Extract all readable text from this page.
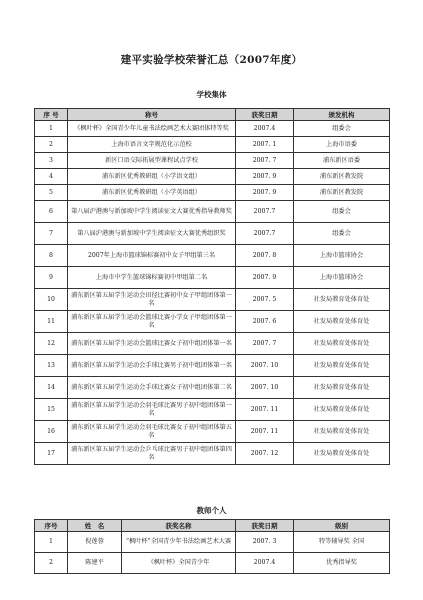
建平实验学校荣誉汇总（2007年度）
学校集体
序 号	称号	获奖日期	颁发机构
1	《枫叶杯》全国青少年儿童书法绘画艺术大赛团体特等奖	2007.4	组委会
2	上海市语言文字规范化示范校	2007. 1	上海市语委
3	新区口语交际拓展型课程试点学校	2007. 7	浦东新区语委
4	浦东新区优秀教研组（小学语文组）	2007. 9	浦东新区教发院
5	浦东新区优秀教研组（小学英语组）	2007. 9	浦东新区教发院
6	第八届沪港澳与新加坡中学生阅读征文大赛优秀指导教师奖	2007.7	组委会
7	第八届沪港澳与新加坡中学生阅读征文大赛优秀组织奖	2007.7	组委会
8	2007年上海市篮球锦标赛初中女子甲组第三名	2007. 8	上海市篮球协会
9	上海市中学生篮球锦标赛初中甲组第二名	2007. 9	上海市篮球协会
10	浦东新区第五届学生运动会田径比赛初中女子甲组团体第一名	2007. 5	社发局教育处体育处
11	浦东新区第五届学生运动会篮球比赛小学女子甲组团体第一名	2007. 6	社发局教育处体育处
12	浦东新区第五届学生运动会篮球比赛女子初中组团体第一名	2007. 7	社发局教育处体育处
13	浦东新区第五届学生运动会手球比赛男子初中组团体第一名	2007. 10	社发局教育处体育处
14	浦东新区第五届学生运动会手球比赛女子初中组团体第二名	2007. 10	社发局教育处体育处
15	浦东新区第五届学生运动会羽毛球比赛男子初中组团体第一名	2007. 11	社发局教育处体育处
16	浦东新区第五届学生运动会羽毛球比赛女子初中组团体第五名	2007. 11	社发局教育处体育处
17	浦东新区第五届学生运动会乒乓球比赛男子初中组团体第四名	2007. 12	社发局教育处体育处
教师个人
序号	姓　名	获奖名称	获奖日期	级别
1	倪莲蓉	“枫叶杯”全国青少年书法绘画艺术大赛	2007. 3	特等辅导奖 全国
2	陈建平	《枫叶杯》全国青少年	2007.4	优秀指导奖
